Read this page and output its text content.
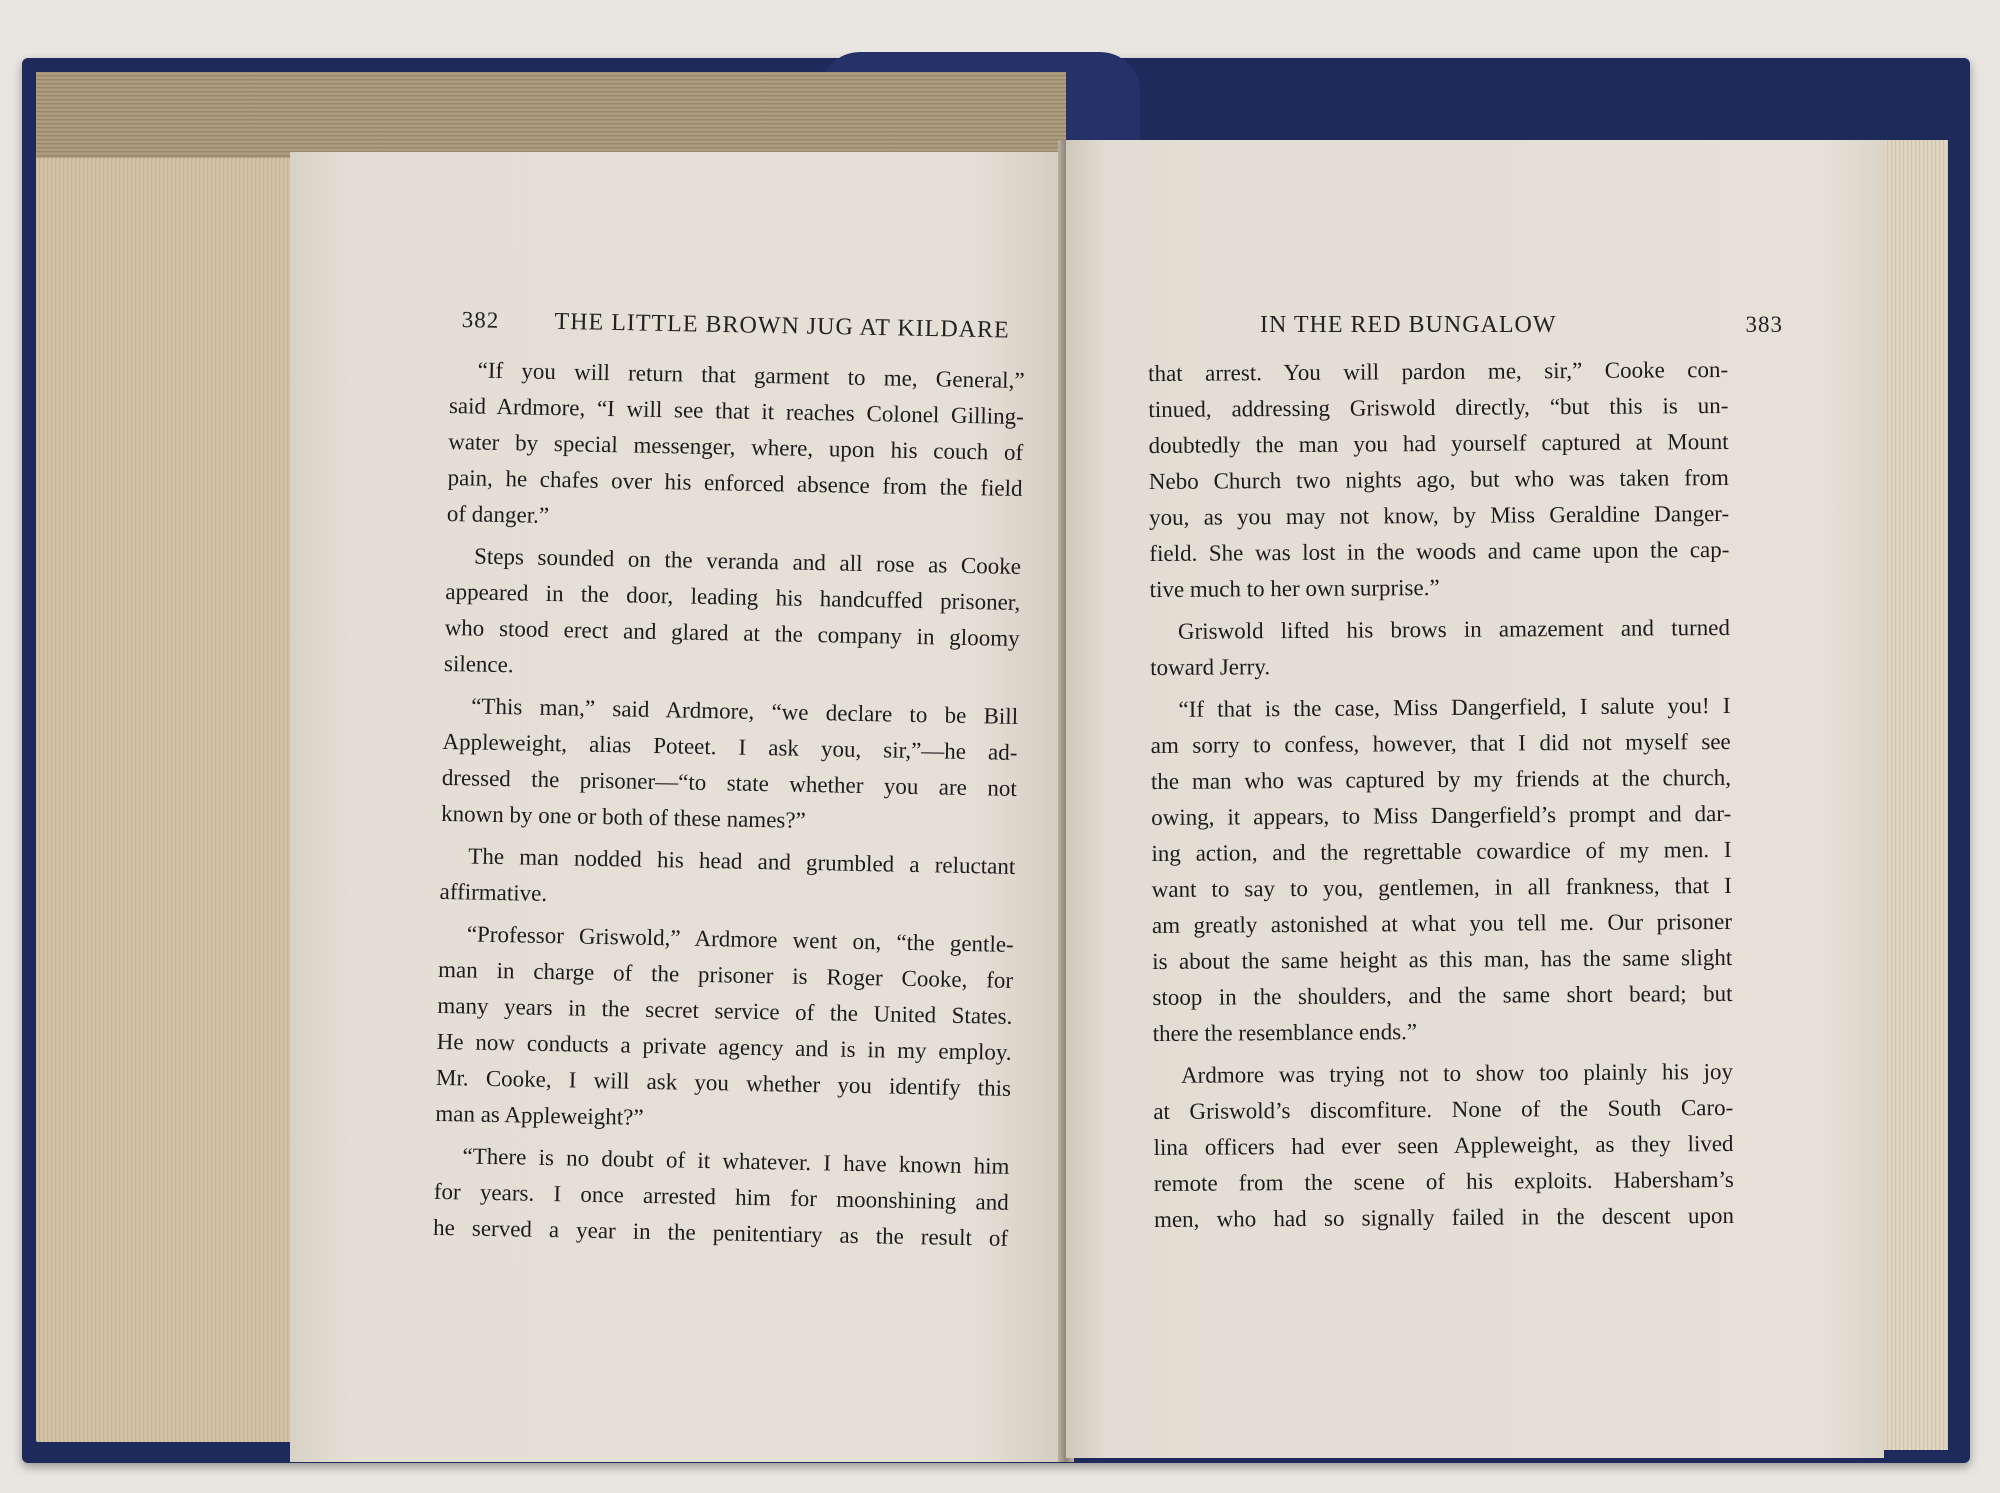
382 THE LITTLE BROWN JUG AT KILDARE
“If you will return that garment to me, General,”
said Ardmore, “I will see that it reaches Colonel Gilling-
water by special messenger, where, upon his couch of
pain, he chafes over his enforced absence from the field
of danger.”
Steps sounded on the veranda and all rose as Cooke
appeared in the door, leading his handcuffed prisoner,
who stood erect and glared at the company in gloomy
silence.
“This man,” said Ardmore, “we declare to be Bill
Appleweight, alias Poteet. I ask you, sir,”—he ad-
dressed the prisoner—“to state whether you are not
known by one or both of these names?”
The man nodded his head and grumbled a reluctant
affirmative.
“Professor Griswold,” Ardmore went on, “the gentle-
man in charge of the prisoner is Roger Cooke, for
many years in the secret service of the United States.
He now conducts a private agency and is in my employ.
Mr. Cooke, I will ask you whether you identify this
man as Appleweight?”
“There is no doubt of it whatever. I have known him
for years. I once arrested him for moonshining and
he served a year in the penitentiary as the result of
IN THE RED BUNGALOW	383
that arrest. You will pardon me, sir,” Cooke con-
tinued, addressing Griswold directly, “but this is un-
doubtedly the man you had yourself captured at Mount
Nebo Church two nights ago, but who was taken from
you, as you may not know, by Miss Geraldine Danger-
field. She was lost in the woods and came upon the cap-
tive much to her own surprise.”
Griswold lifted his brows in amazement and turned
toward Jerry.
“If that is the case, Miss Dangerfield, I salute you! I
am sorry to confess, however, that I did not myself see
the man who was captured by my friends at the church,
owing, it appears, to Miss Dangerfield’s prompt and dar-
ing action, and the regrettable cowardice of my men. I
want to say to you, gentlemen, in all frankness, that I
am greatly astonished at what you tell me. Our prisoner
is about the same height as this man, has the same slight
stoop in the shoulders, and the same short beard; but
there the resemblance ends.”
Ardmore was trying not to show too plainly his joy
at Griswold’s discomfiture. None of the South Caro-
lina officers had ever seen Appleweight, as they lived
remote from the scene of his exploits. Habersham’s
men, who had so signally failed in the descent upon
